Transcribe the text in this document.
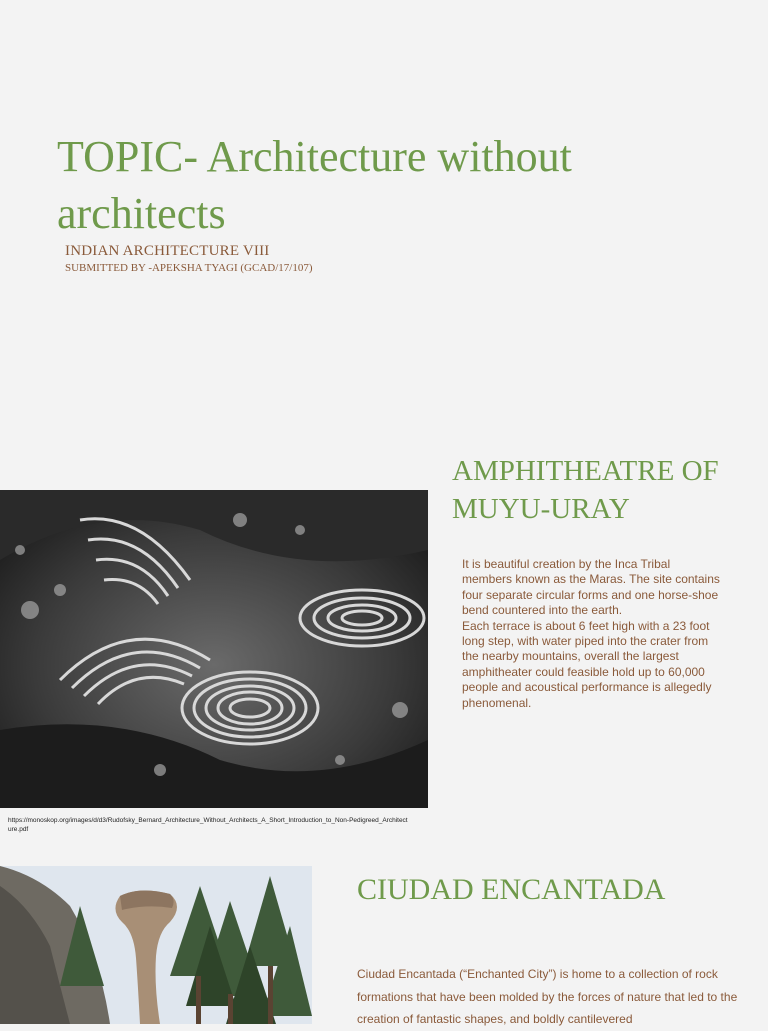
TOPIC- Architecture without architects
INDIAN ARCHITECTURE VIII
SUBMITTED BY -APEKSHA TYAGI (GCAD/17/107)
AMPHITHEATRE OF MUYU-URAY

It is beautiful creation by the Inca Tribal members known as the Maras. The site contains four separate circular forms and one horse-shoe bend countered into the earth.

Each terrace is about 6 feet high with a 23 foot long step, with water piped into the crater from the nearby mountains, overall the largest amphitheater could feasible hold up to 60,000 people and acoustical performance is allegedly phenomenal.

https://monoskop.org/images/d/d3/Rudofsky_Bernard_Architecture_Without_Architects_A_Short_Introduction_to_Non-Pedigreed_Architecture.pdf
CIUDAD ENCANTADA

Ciudad Encantada (“Enchanted City”) is home to a collection of rock formations that have been molded by the forces of nature that led to the creation of fantastic shapes, and boldly cantilevered
